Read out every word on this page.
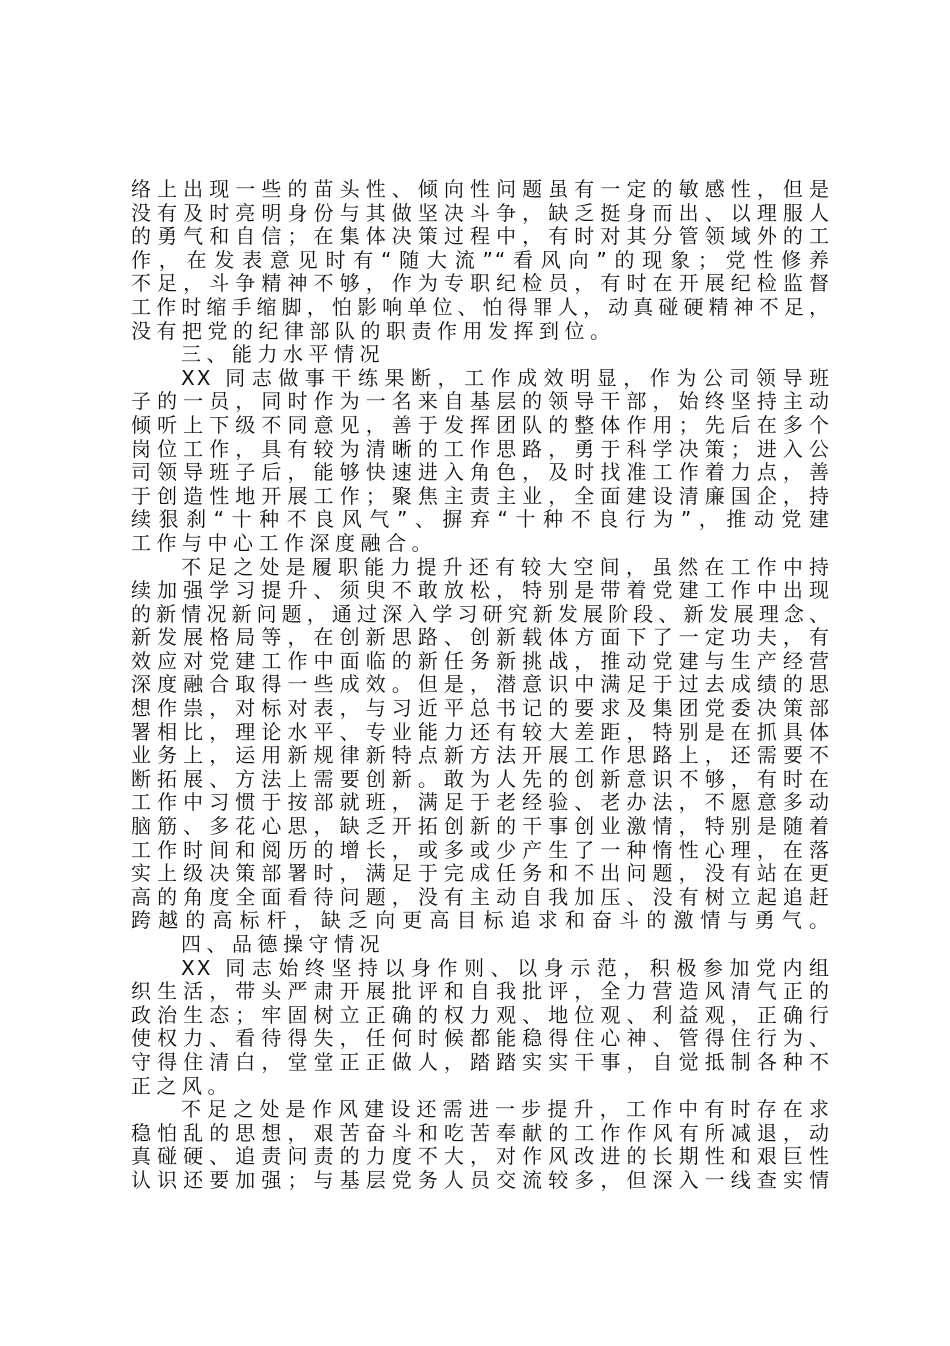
络上出现一些的苗头性、倾向性问题虽有一定的敏感性，但是
没有及时亮明身份与其做坚决斗争，缺乏挺身而出、以理服人
的勇气和自信；在集体决策过程中，有时对其分管领域外的工
作，在发表意见时有“随大流”“看风向”的现象；党性修养
不足，斗争精神不够，作为专职纪检员，有时在开展纪检监督
工作时缩手缩脚，怕影响单位、怕得罪人，动真碰硬精神不足，
没有把党的纪律部队的职责作用发挥到位。
三、能力水平情况
XX 同志做事干练果断，工作成效明显，作为公司领导班
子的一员，同时作为一名来自基层的领导干部，始终坚持主动
倾听上下级不同意见，善于发挥团队的整体作用；先后在多个
岗位工作，具有较为清晰的工作思路，勇于科学决策；进入公
司领导班子后，能够快速进入角色，及时找准工作着力点，善
于创造性地开展工作；聚焦主责主业，全面建设清廉国企，持
续狠刹“十种不良风气”、摒弃“十种不良行为”，推动党建
工作与中心工作深度融合。
不足之处是履职能力提升还有较大空间，虽然在工作中持
续加强学习提升、须臾不敢放松，特别是带着党建工作中出现
的新情况新问题，通过深入学习研究新发展阶段、新发展理念、
新发展格局等，在创新思路、创新载体方面下了一定功夫，有
效应对党建工作中面临的新任务新挑战，推动党建与生产经营
深度融合取得一些成效。但是，潜意识中满足于过去成绩的思
想作祟，对标对表，与习近平总书记的要求及集团党委决策部
署相比，理论水平、专业能力还有较大差距，特别是在抓具体
业务上，运用新规律新特点新方法开展工作思路上，还需要不
断拓展、方法上需要创新。敢为人先的创新意识不够，有时在
工作中习惯于按部就班，满足于老经验、老办法，不愿意多动
脑筋、多花心思，缺乏开拓创新的干事创业激情，特别是随着
工作时间和阅历的增长，或多或少产生了一种惰性心理，在落
实上级决策部署时，满足于完成任务和不出问题，没有站在更
高的角度全面看待问题，没有主动自我加压、没有树立起追赶
跨越的高标杆，缺乏向更高目标追求和奋斗的激情与勇气。
四、品德操守情况
XX 同志始终坚持以身作则、以身示范，积极参加党内组
织生活，带头严肃开展批评和自我批评，全力营造风清气正的
政治生态；牢固树立正确的权力观、地位观、利益观，正确行
使权力、看待得失，任何时候都能稳得住心神、管得住行为、
守得住清白，堂堂正正做人，踏踏实实干事，自觉抵制各种不
正之风。
不足之处是作风建设还需进一步提升，工作中有时存在求
稳怕乱的思想，艰苦奋斗和吃苦奉献的工作作风有所减退，动
真碰硬、追责问责的力度不大，对作风改进的长期性和艰巨性
认识还要加强；与基层党务人员交流较多，但深入一线查实情
